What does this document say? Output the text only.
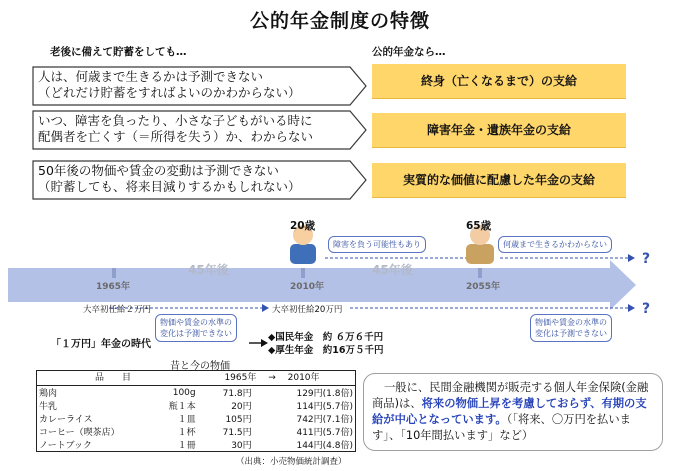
公的年金制度の特徴
老後に備えて貯蓄をしても…	公的年金なら…
人は、何歳まで生きるかは予測できない
（どれだけ貯蓄をすればよいのかわからない）
終身（亡くなるまで）の支給
いつ、障害を負ったり、小さな子どもがいる時に
配偶者を亡くす（＝所得を失う）か、わからない	障害年金・遺族年金の支給
50年後の物価や賃金の変動は予測できない
（貯蓄しても、将来目減りするかもしれない）	実質的な価値に配慮した年金の支給
1965年	2010年	2055年
45年後	45年後
20歳	65歳
障害を負う可能性もあり	何歳まで生きるかわからない
?
?
大卒初任給２万円	大卒初任給20万円
物価や賃金の水準の
変化は予測できない
物価や賃金の水準の
変化は予測できない
「１万円」年金の時代
◆国民年金　約 ６万６千円
◆厚生年金　約16万５千円
昔と今の物価
品　　目	1965年　 →　 2010年
鶏肉	100g	71.8円	129円(1.8倍)
牛乳	瓶１本	20円	114円(5.7倍)
カレーライス	１皿	105円	742円(7.1倍)
コーヒー（喫茶店）	１杯	71.5円	411円(5.7倍)
ノートブック	１冊	30円	144円(4.8倍)
（出典：小売物価統計調査）
一般に、民間金融機関が販売する個人年金保険(金融商品)は、将来の物価上昇を考慮しておらず、有期の支給が中心となっています。（「将来、〇万円を払います」、「10年間払います」など）
